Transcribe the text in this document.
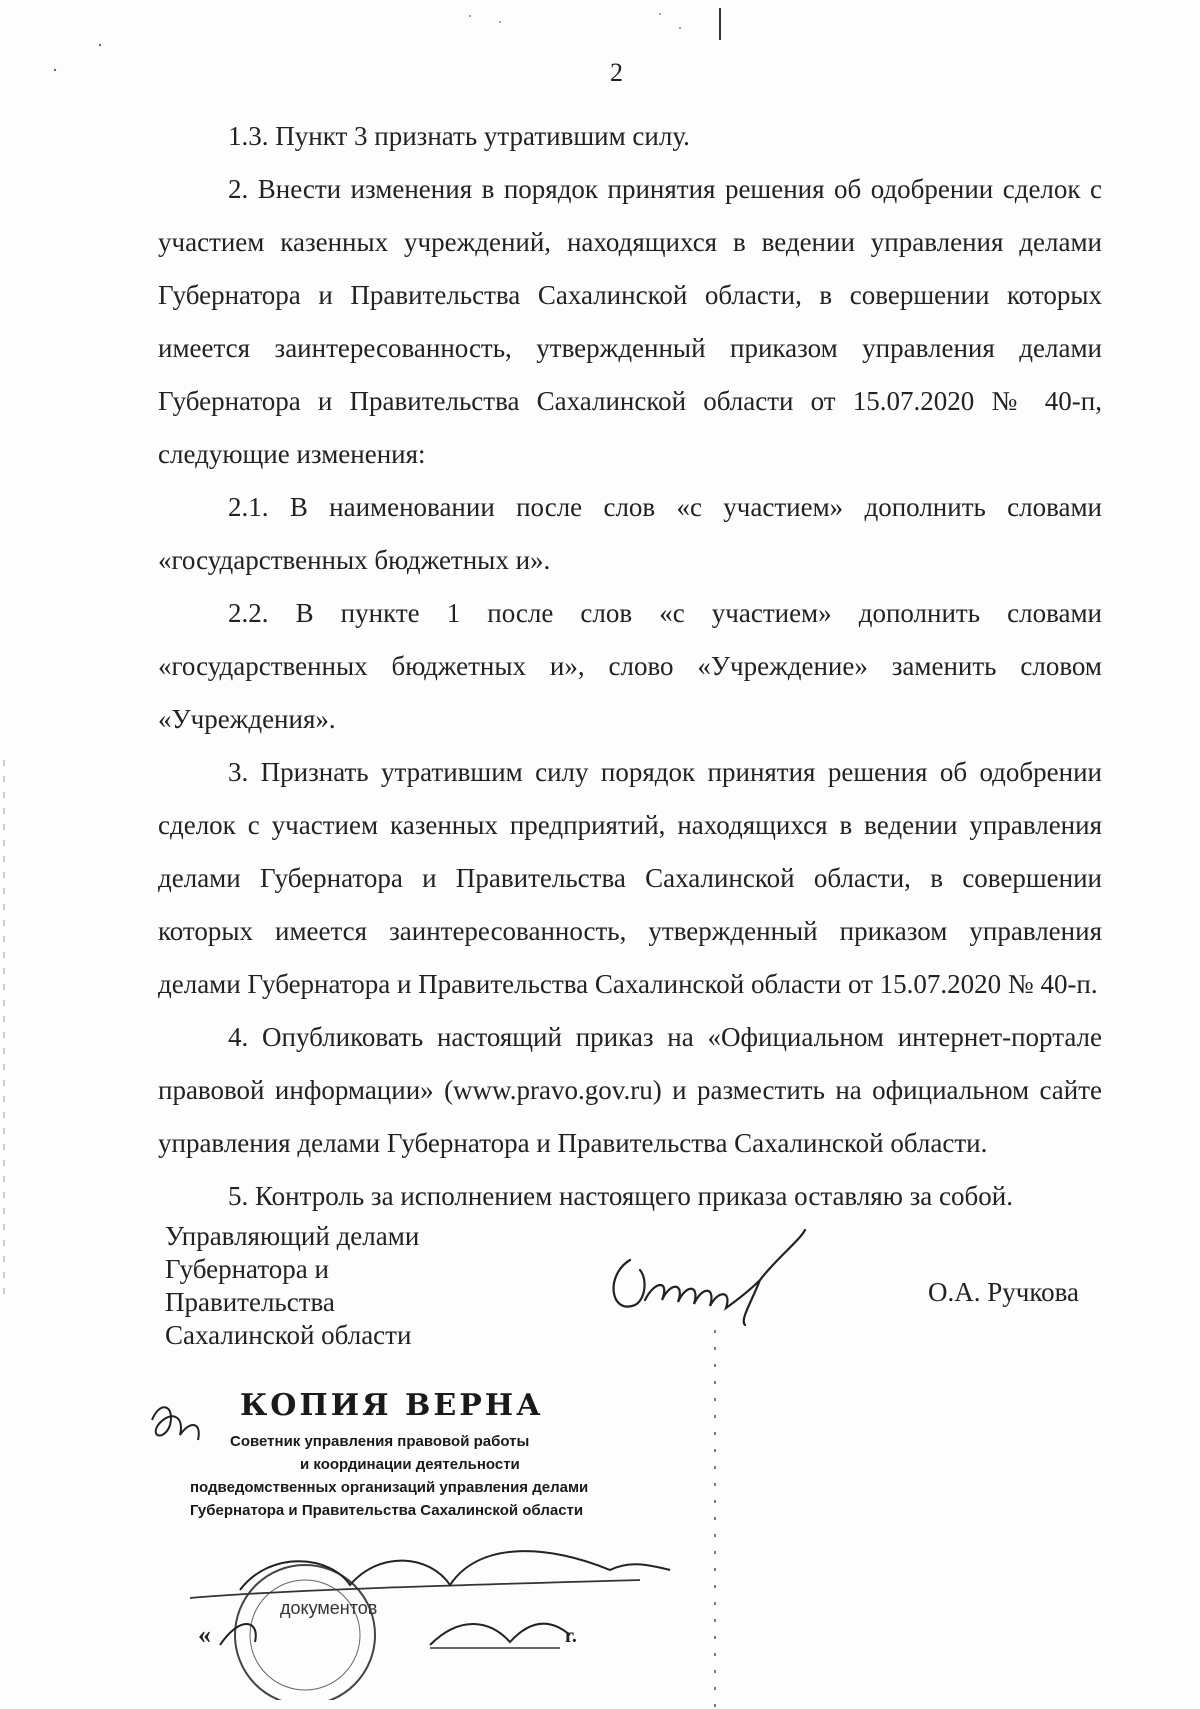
2

1.3. Пункт 3 признать утратившим силу.

2. Внести изменения в порядок принятия решения об одобрении сделок с участием казенных учреждений, находящихся в ведении управления делами Губернатора и Правительства Сахалинской области, в совершении которых имеется заинтересованность, утвержденный приказом управления делами Губернатора и Правительства Сахалинской области от 15.07.2020 № 40-п, следующие изменения:

2.1. В наименовании после слов «с участием» дополнить словами «государственных бюджетных и».

2.2. В пункте 1 после слов «с участием» дополнить словами «государственных бюджетных и», слово «Учреждение» заменить словом «Учреждения».

3. Признать утратившим силу порядок принятия решения об одобрении сделок с участием казенных предприятий, находящихся в ведении управления делами Губернатора и Правительства Сахалинской области, в совершении которых имеется заинтересованность, утвержденный приказом управления делами Губернатора и Правительства Сахалинской области от 15.07.2020 № 40-п.

4. Опубликовать настоящий приказ на «Официальном интернет-портале правовой информации» (www.pravo.gov.ru) и разместить на официальном сайте управления делами Губернатора и Правительства Сахалинской области.

5. Контроль за исполнением настоящего приказа оставляю за собой.

Управляющий делами
Губернатора и
Правительства
Сахалинской области
О.А. Ручкова
КОПИЯ ВЕРНА
Советник управления правовой работы
и координации деятельности
подведомственных организаций управления делами
Губернатора и Правительства Сахалинской области
документов
«	г.
